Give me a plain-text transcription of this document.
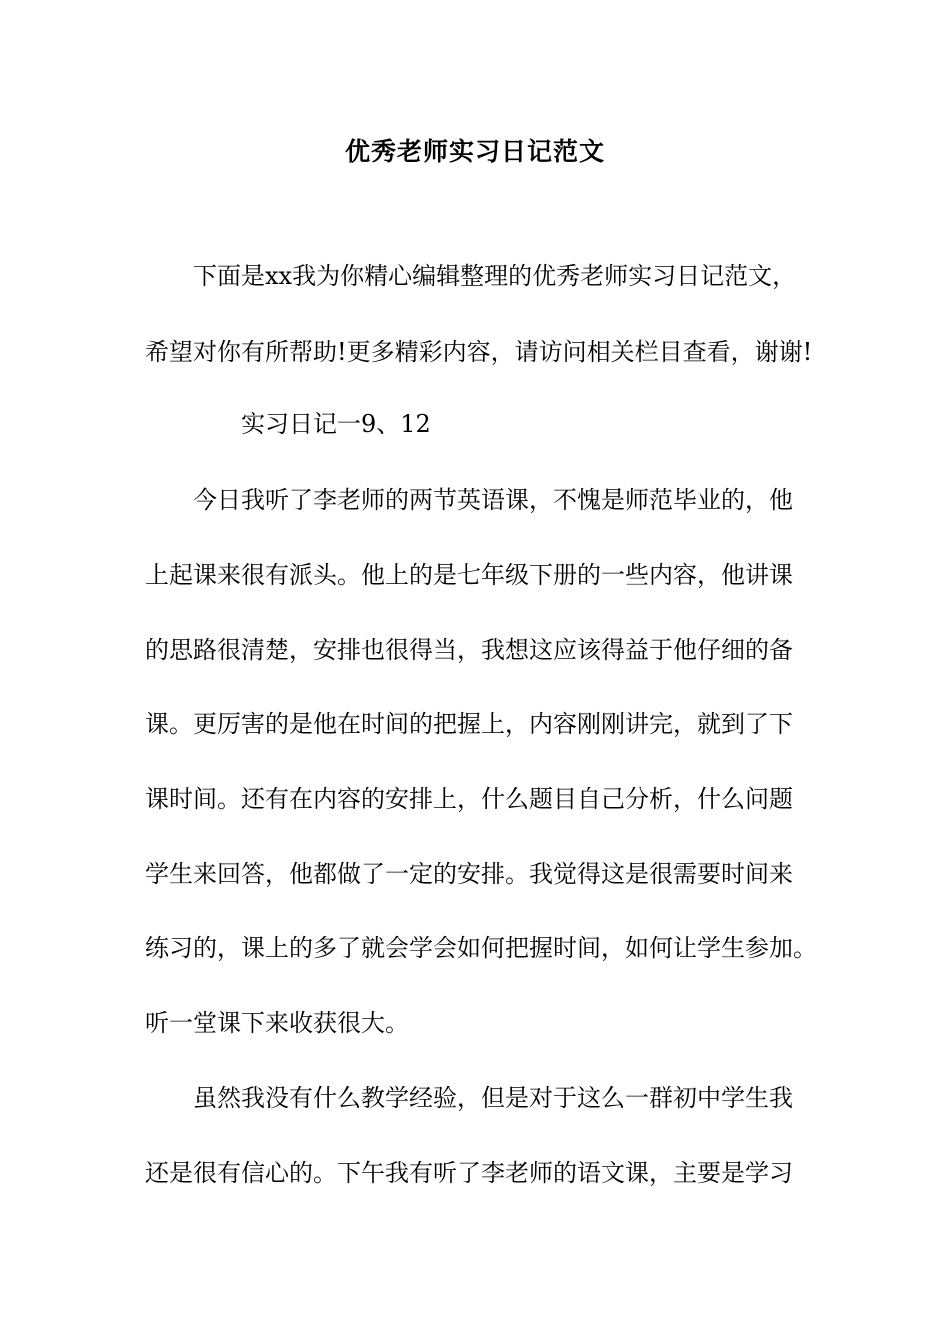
优秀老师实习日记范文
下面是xx我为你精心编辑整理的优秀老师实习日记范文，
希望对你有所帮助!更多精彩内容，请访问相关栏目查看，谢谢!
实习日记一9、12
今日我听了李老师的两节英语课，不愧是师范毕业的，他
上起课来很有派头。他上的是七年级下册的一些内容，他讲课
的思路很清楚，安排也很得当，我想这应该得益于他仔细的备
课。更厉害的是他在时间的把握上，内容刚刚讲完，就到了下
课时间。还有在内容的安排上，什么题目自己分析，什么问题
学生来回答，他都做了一定的安排。我觉得这是很需要时间来
练习的，课上的多了就会学会如何把握时间，如何让学生参加。
听一堂课下来收获很大。
虽然我没有什么教学经验，但是对于这么一群初中学生我
还是很有信心的。下午我有听了李老师的语文课，主要是学习
